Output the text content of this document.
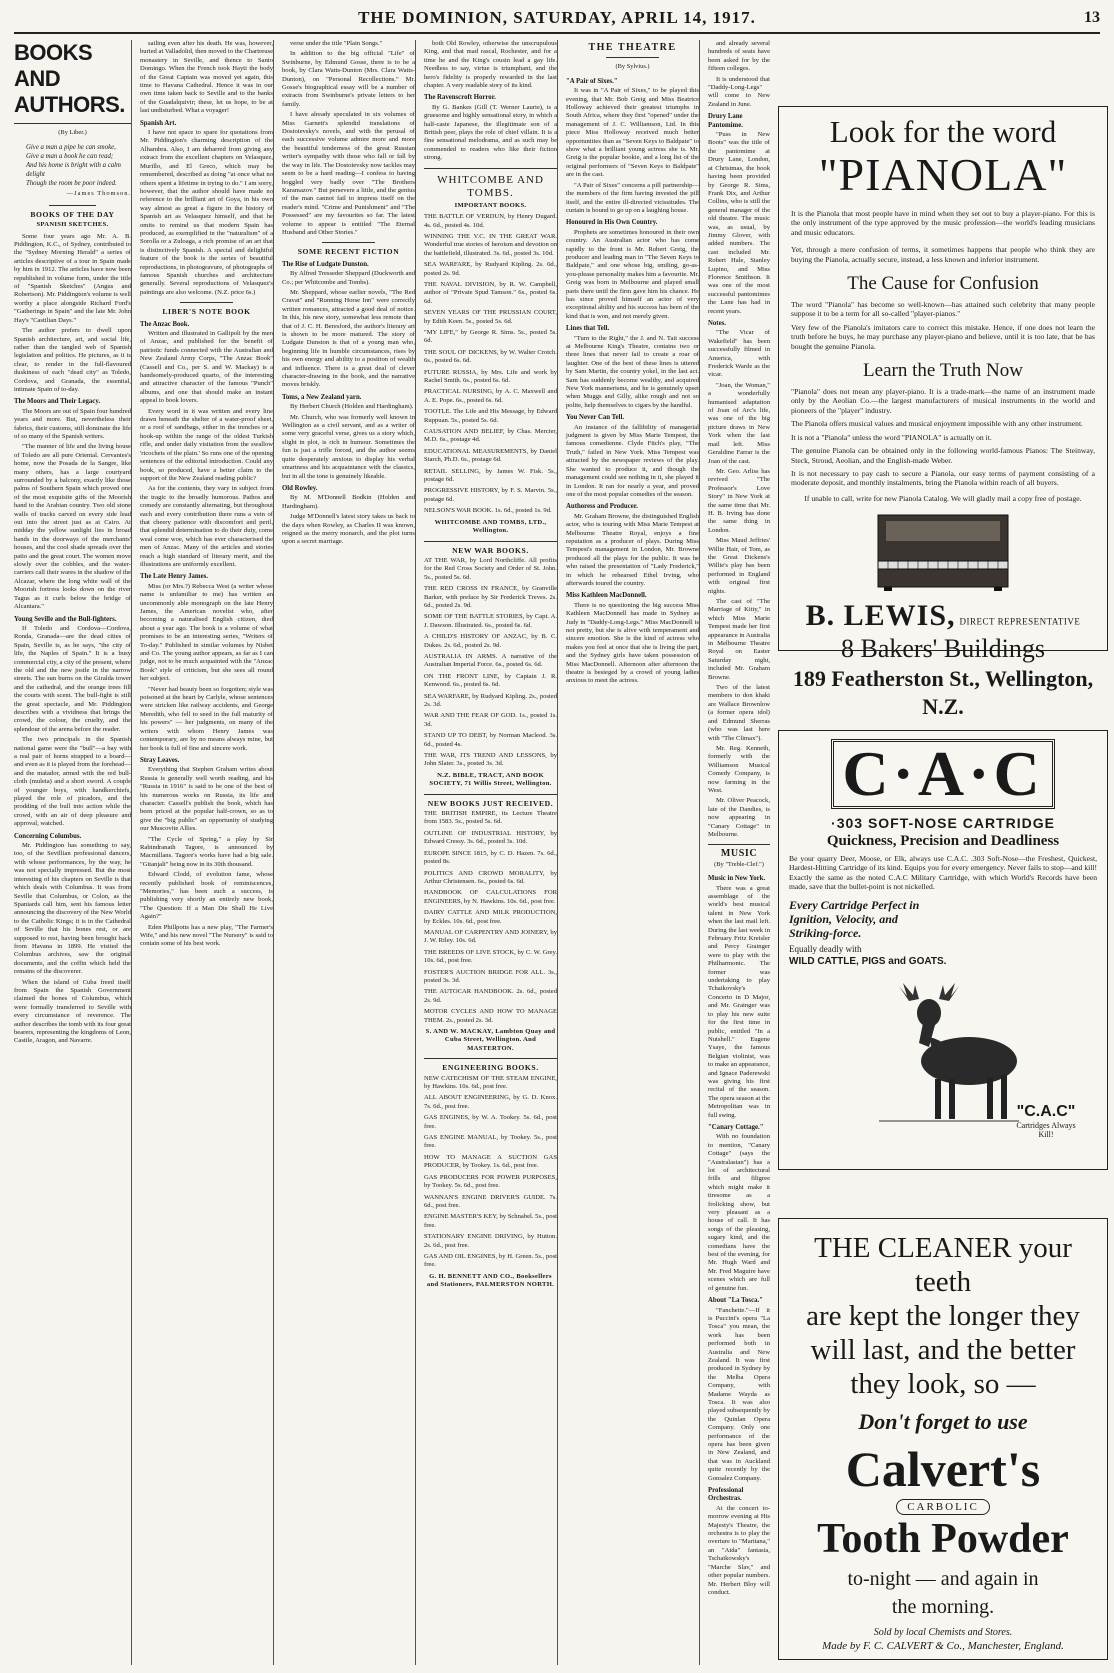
THE DOMINION, SATURDAY, APRIL 14, 1917.	13
BOOKS AND AUTHORS.
(By Liber.)
Give a man a pipe he can smoke,
Give a man a book he can read;
And his home is bright with a calm delight
Though the room be poor indeed.
—James Thomson.
BOOKS OF THE DAY
SPANISH SKETCHES.

Some four years ago Mr. A. B. Piddington, K.C., of Sydney, contributed to the "Sydney Morning Herald" a series of articles descriptive of a tour in Spain made by him in 1912. The articles have now been republished in volume form, under the title of "Spanish Sketches" (Angus and Robertson). Mr. Piddington's volume is well worthy a place alongside Richard Ford's "Gatherings in Spain" and the late Mr. John Hay's "Castilian Days."

The author prefers to dwell upon Spanish architecture, art, and social life, rather than the tangled web of Spanish legislation and politics. He pictures, as it is clear, to render in the full-flavoured duskiness of each "dead city" as Toledo, Cordova, and Granada, the essential, intimate Spain of to-day.

The Moors and Their Legacy.

The Moors are out of Spain four hundred years and more. But, nevertheless their fabrics, their customs, still dominate the life of so many of the Spanish writers.

"The manner of life and the living house of Toledo are all pure Oriental. Cervantes's home, now the Posada de la Sangre, like many others, has a large courtyard surrounded by a balcony, exactly like those palms of Southern Spain which proved one of the most exquisite gifts of the Moorish hand to the Arabian country. Two old stone walls of tracks carved on every side lead out into the street just as at Cairo. At midday the yellow sunlight lies in broad bands in the doorways of the merchants' houses, and the cool shade spreads over the patio and the great court. The women move slowly over the cobbles, and the water-carriers call their wares in the shadow of the Alcazar, where the long white wall of the Moorish fortress looks down on the river Tagus as it curls below the bridge of Alcantara."

Young Seville and the Bull-fighters.

If Toledo and Cordova—Cordova, Ronda, Granada—are the dead cities of Spain, Seville is, as he says, "the city of life, the Naples of Spain." It is a busy commercial city, a city of the present, where the old and the new jostle in the narrow streets. The sun burns on the Giralda tower and the cathedral, and the orange trees fill the courts with scent. The bull-fight is still the great spectacle, and Mr. Piddington describes with a vividness that brings the crowd, the colour, the cruelty, and the splendour of the arena before the reader.

The two principals in the Spanish national game were the "bull"—a bay with a real pair of horns strapped to a board—and even as it is played from the forehead—and the matador, armed with the red bull-cloth (muleta) and a short sword. A couple of younger boys, with handkerchiefs, played the role of picadors, and the prodding of the bull into action while the crowd, with an air of deep pleasure and approval, watched.

Concerning Columbus.

Mr. Piddington has something to say, too, of the Sevillian professional dancers, with whose performances, by the way, he was not specially impressed. But the most interesting of his chapters on Seville is that which deals with Columbus. It was from Seville that Columbus, or Colon, as the Spaniards call him, sent his famous letter announcing the discovery of the New World to the Catholic Kings; it is in the Cathedral of Seville that his bones rest, or are supposed to rest, having been brought back from Havana in 1899. He visited the Columbus archives, saw the original documents, and the coffin which held the remains of the discoverer.

When the island of Cuba freed itself from Spain the Spanish Government claimed the bones of Columbus, which were formally transferred to Seville with every circumstance of reverence. The author describes the tomb with its four great bearers, representing the kingdoms of Leon, Castile, Aragon, and Navarre.

sailing even after his death. He was, however, buried at Valladolid, then moved to the Chartreuse monastery in Seville, and thence to Santo Domingo. When the French took Hayti the body of the Great Captain was moved yet again, this time to Havana Cathedral. Hence it was in our own time taken back to Seville and to the banks of the Guadalquivir; these, let us hope, to be at last undisturbed. What a voyager!

Spanish Art.

I have not space to spare for quotations from Mr. Piddington's charming description of the Alhambra. Also, I am debarred from giving any extract from the excellent chapters on Velasquez, Murillo, and El Greco, which may be remembered, described as doing "at once what no others spent a lifetime in trying to do." I am sorry, however, that the author should have made no reference to the brilliant art of Goya, in his own way almost as great a figure in the history of Spanish art as Velasquez himself, and that he omits to remind us that modern Spain has produced, as exemplified in the "naturalism" of a Sorolla or a Zuloaga, a rich promise of an art that is distinctively Spanish. A special and delightful feature of the book is the series of beautiful reproductions, in photogravure, of photographs of famous Spanish churches and architecture generally. Several reproductions of Velasquez's paintings are also welcome. (N.Z. price 6s.)

LIBER'S NOTE BOOK
The Anzac Book.

Written and illustrated in Gallipoli by the men of Anzac, and published for the benefit of patriotic funds connected with the Australian and New Zealand Army Corps, "The Anzac Book" (Cassell and Co., per S. and W. Mackay) is a handsomely-produced quarto, of the interesting and attractive character of the famous "Punch" albums, and one that should make an instant appeal to book lovers.

Every word in it was written and every line drawn beneath the shelter of a water-proof sheet, or a roof of sandbags, either in the trenches or a hook-up within the range of the oldest Turkish rifle, and under daily visitation from the swallow 'ricochets of the plain.' So runs one of the opening sentences of the editorial introduction. Could any book, so produced, have a better claim to the support of the New Zealand reading public?

As for the contents, they vary in subject from the tragic to the broadly humorous. Pathos and comedy are constantly alternating, but throughout each and every contribution there runs a vein of that cheery patience with discomfort and peril, that splendid determination to do their duty, come weal come woe, which has ever characterised the men of Anzac. Many of the articles and stories reach a high standard of literary merit, and the illustrations are uniformly excellent.

The Late Henry James.

Miss (or Mrs.?) Rebecca West (a writer whose name is unfamiliar to me) has written an uncommonly able monograph on the late Henry James, the American novelist who, after becoming a naturalised English citizen, died about a year ago. The book is a volume of what promises to be an interesting series, "Writers of To-day." Published in similar volumes by Nisbet and Co. The young author appears, as far as I can judge, not to be much acquainted with the "Anzac Book" style of criticism, but she sees all round her subject.

"Never had beauty been so forgotten; style was poisoned at the heart by Carlyle, whose sentences were stricken like railway accidents, and George Meredith, who fell to seed in the full maturity of his powers" — her judgments, on many of the writers with whom Henry James was contemporary, are by no means always mine, but her book is full of fine and sincere work.

Stray Leaves.

Everything that Stephen Graham writes about Russia is generally well worth reading, and his "Russia in 1916" is said to be one of the best of his numerous works on Russia, its life and character. Cassell's publish the book, which has been priced at the popular half-crown, so as to give the "big public" an opportunity of studying our Muscovite Allies.

"The Cycle of Spring," a play by Sir Rabindranath Tagore, is announced by Macmillans. Tagore's works have had a big sale. "Gitanjali" being now in its 30th thousand.

Edward Clodd, of evolution fame, whose recently published book of reminiscences, "Memories," has been such a success, is publishing very shortly an entirely new book, "The Question: If a Man Die Shall He Live Again?"

Eden Phillpotts has a new play, "The Farmer's Wife," and his new novel "The Nursery" is said to contain some of his best work.

verse under the title "Plain Songs."

In addition to the big official "Life" of Swinburne, by Edmund Gosse, there is to be a book, by Clara Watts-Dunton (Mrs. Clara Watts-Dunton), on "Personal Recollections." Mr. Gosse's biographical essay will be a number of extracts from Swinburne's private letters to her family.

I have already speculated in six volumes of Miss Garnett's splendid translations of Dostoievsky's novels, and with the perusal of each successive volume admire more and more the beautiful tenderness of the great Russian writer's sympathy with those who fall or fall by the way in life. The Dostoievsky now tackles may seem to be a hard reading—I confess to having boggled very badly over "The Brothers Karamazov." But persevere a little, and the genius of the man cannot fail to impress itself on the reader's mind. "Crime and Punishment" and "The Possessed" are my favourites so far. The latest volume to appear is entitled "The Eternal Husband and Other Stories."

SOME RECENT FICTION
The Rise of Ludgate Dunston.

By Alfred Tresseder Sheppard (Duckworth and Co.; per Whitcombe and Tombs).

Mr. Sheppard, whose earlier novels, "The Red Cravat" and "Running Horse Inn" were correctly written romances, attracted a good deal of notice. In this, his new story, somewhat less remote than that of J. C. H. Beresford, the author's literary art is shown to be more matured. The story of Ludgate Dunston is that of a young man who, beginning life in humble circumstances, rises by his own energy and ability to a position of wealth and influence. There is a great deal of clever character-drawing in the book, and the narrative moves briskly.

Toms, a New Zealand yarn.

By Herbert Church (Holden and Hardingham).

Mr. Church, who was formerly well known in Wellington as a civil servant, and as a writer of some very graceful verse, gives us a story which, slight in plot, is rich in humour. Sometimes the fun is just a trifle forced, and the author seems quite desperately anxious to display his verbal smartness and his acquaintance with the classics, but in all the tone is genuinely likeable.

Old Rowley.

By M. M'Donnell Bodkin (Holden and Hardingham).

Judge M'Donnell's latest story takes us back to the days when Rowley, as Charles II was known, reigned as the merry monarch, and the plot turns upon a secret marriage.

both Old Rowley, otherwise the unscrupulous King, and that mad rascal, Rochester, and for a time he and the King's cousin lead a gay life. Needless to say, virtue is triumphant, and the hero's fidelity is properly rewarded in the last chapter. A very readable story of its kind.

The Ravenscroft Horror.

By G. Bankes (Gill (T. Werner Laurie), is a gruesome and highly sensational story, in which a half-caste Japanese, the illegitimate son of a British peer, plays the role of chief villain. It is a fine sensational melodrama, and as such may be commended to readers who like their fiction strong.

WHITCOMBE AND TOMBS.
IMPORTANT BOOKS.

THE BATTLE OF VERDUN, by Henry Dugard. 4s. 6d., posted 4s. 10d.

WINNING THE V.C. IN THE GREAT WAR. Wonderful true stories of heroism and devotion on the battlefield, illustrated. 3s. 6d., posted 3s. 10d.

SEA WARFARE, by Rudyard Kipling. 2s. 6d., posted 2s. 9d.

THE NAVAL DIVISION, by R. W. Campbell, author of "Private Spud Tamson." 6s., posted 6s. 6d.

SEVEN YEARS OF THE PRUSSIAN COURT, by Edith Keen. 5s., posted 5s. 6d.

"MY LIFE," by George R. Sims. 5s., posted 5s. 6d.

THE SOUL OF DICKENS, by W. Walter Crotch. 6s., posted 6s. 6d.

FUTURE RUSSIA, by Mrs. Life and work by Rachel Smith. 6s., posted 6s. 6d.

PRACTICAL NURSING, by A. C. Maxwell and A. E. Pope. 6s., posted 6s. 6d.

TOOTLE. The Life and His Message, by Edward Ruppuan. 5s., posted 5s. 6d.

CAUSATION AND BELIEF, by Chas. Mercier, M.D. 6s., postage 4d.

EDUCATIONAL MEASUREMENTS, by Daniel Starch, Ph.D. 6s., postage 6d.

RETAIL SELLING, by James W. Fisk. 5s., postage 6d.

PROGRESSIVE HISTORY, by F. S. Marvin. 5s., postage 6d.

NELSON'S WAR BOOK. 1s. 6d., posted 1s. 9d.

WHITCOMBE AND TOMBS, LTD., Wellington.
NEW WAR BOOKS.

AT THE WAR, by Lord Northcliffe. All profits for the Red Cross Society and Order of St. John. 5s., posted 5s. 6d.

THE RED CROSS IN FRANCE, by Granville Barker, with preface by Sir Frederick Treves. 2s. 6d., posted 2s. 9d.

SOME OF THE BATTLE STORIES, by Capt. A. J. Dawson. Illustrated. 6s., posted 6s. 6d.

A CHILD'S HISTORY OF ANZAC, by B. C. Dukes. 2s. 6d., posted 2s. 9d.

AUSTRALIA IN ARMS. A narrative of the Australian Imperial Force. 6s., posted 6s. 6d.

ON THE FRONT LINE, by Captain J. R. Kenwood. 6s., posted 6s. 6d.

SEA WARFARE, by Rudyard Kipling. 2s., posted 2s. 3d.

WAR AND THE FEAR OF GOD. 1s., posted 1s. 3d.

STAND UP TO DEBT, by Norman Macleod. 3s. 6d., posted 4s.

THE WAR, ITS TREND AND LESSONS, by John Slater. 3s., posted 3s. 3d.

N.Z. BIBLE, TRACT, AND BOOK SOCIETY, 71 Willis Street, Wellington.
NEW BOOKS JUST RECEIVED.

THE BRITISH EMPIRE, its Lecture Theatre from 1583. 5s., posted 5s. 6d.

OUTLINE OF INDUSTRIAL HISTORY, by Edward Cressy. 3s. 6d., posted 3s. 10d.

EUROPE SINCE 1815, by C. D. Hazen. 7s. 6d., posted 8s.

POLITICS AND CROWD MORALITY, by Arthur Christensen. 6s., posted 6s. 6d.

HANDBOOK OF CALCULATIONS FOR ENGINEERS, by N. Hawkins. 10s. 6d., post free.

DAIRY CATTLE AND MILK PRODUCTION, by Eckles. 10s. 6d., post free.

MANUAL OF CARPENTRY AND JOINERY, by J. W. Riley. 10s. 6d.

THE BREEDS OF LIVE STOCK, by C. W. Grey. 10s. 6d., post free.

FOSTER'S AUCTION BRIDGE FOR ALL. 3s., posted 3s. 3d.

THE AUTOCAR HANDBOOK. 2s. 6d., posted 2s. 9d.

MOTOR CYCLES AND HOW TO MANAGE THEM. 2s., posted 2s. 3d.

S. AND W. MACKAY, Lambton Quay and Cuba Street, Wellington. And MASTERTON.
ENGINEERING BOOKS.

NEW CATECHISM OF THE STEAM ENGINE, by Hawkins. 10s. 6d., post free.

ALL ABOUT ENGINEERING, by G. D. Knox. 7s. 6d., post free.

GAS ENGINES, by W. A. Tookey. 5s. 6d., post free.

GAS ENGINE MANUAL, by Tookey. 5s., post free.

HOW TO MANAGE A SUCTION GAS PRODUCER, by Tookey. 1s. 6d., post free.

GAS PRODUCERS FOR POWER PURPOSES, by Tookey. 5s. 6d., post free.

WANNAN'S ENGINE DRIVER'S GUIDE. 7s. 6d., post free.

ENGINE MASTER'S KEY, by Schnabel. 5s., post free.

STATIONARY ENGINE DRIVING, by Hutton. 2s. 6d., post free.

GAS AND OIL ENGINES, by H. Green. 5s., post free.

G. H. BENNETT AND CO., Booksellers and Stationers, PALMERSTON NORTH.
THE THEATRE
(By Sylvius.)
"A Pair of Sixes."

It was in "A Pair of Sixes," to be played this evening, that Mr. Bob Greig and Miss Beatrice Holloway achieved their greatest triumphs in South Africa, where they first "opened" under the management of J. C. Williamson, Ltd. In this piece Miss Holloway received much better opportunities than as "Seven Keys to Baldpate" to show what a brilliant young actress she is. Mr. Greig is the popular bookie, and a long list of the original performers of "Seven Keys to Baldpate" are in the cast.

"A Pair of Sixes" concerns a pill partnership—the members of the firm having invested the pill itself, and the entire ill-directed vicissitudes. The curtain is bound to go up on a laughing house.

Honoured in His Own Country.

Prophets are sometimes honoured in their own country. An Australian actor who has come rapidly to the front is Mr. Robert Greig, the producer and leading man in "The Seven Keys to Baldpate," and one whose big, smiling, go-as-you-please personality makes him a favourite. Mr. Greig was born in Melbourne and played small parts there until the firm gave him his chance. He has since proved himself an actor of very exceptional ability and his success has been of the kind that is won, and not merely given.

Lines that Tell.

"Turn to the Right," the J. and N. Tait success at Melbourne King's Theatre, contains two or three lines that never fail to create a roar of laughter. One of the best of these lines is uttered by Sam Martin, the country yokel, in the last act. Sam has suddenly become wealthy, and acquired New York mannerisms, and he is genuinely upset when Muggs and Gilly, alike rough and not so polite, help themselves to cigars by the handful.

You Never Can Tell.

An instance of the fallibility of managerial judgment is given by Miss Marie Tempest, the famous comedienne. Clyde Fitch's play, "The Truth," failed in New York. Miss Tempest was attracted by the newspaper reviews of the play. She wanted to produce it, and though the management could see nothing in it, she played it in London. It ran for nearly a year, and proved one of the most popular comedies of the season.

Authoress and Producer.

Mr. Graham Browne, the distinguished English actor, who is touring with Miss Marie Tempest at Melbourne Theatre Royal, enjoys a fine reputation as a producer of plays. During Miss Tempest's management in London, Mr. Browne produced all the plays for the public. It was he who raised the presentation of "Lady Frederick," in which he rehearsed Ethel Irving, who afterwards toured the country.

Miss Kathleen MacDonnell.

There is no questioning the big success Miss Kathleen MacDonnell has made in Sydney as Judy in "Daddy-Long-Legs." Miss MacDonnell is not pretty, but she is alive with temperament and sincere emotion. She is the kind of actress who makes you feel at once that she is living the part, and the Sydney girls have taken possession of Miss MacDonnell. Afternoon after afternoon the theatre is besieged by a crowd of young ladies anxious to meet the actress.

and already several hundreds of seats have been asked for by the fifteen colleges.

It is understood that "Daddy-Long-Legs" will come to New Zealand in June.

Drury Lane Pantomime.

"Puss in New Boots" was the title of the pantomime at Drury Lane, London, at Christmas, the book having been provided by George R. Sims, Frank Dix, and Arthur Collins, who is still the general manager of the old theatre. The music was, as usual, by Jimmy Glover, with added numbers. The cast included Mr. Robert Hale, Stanley Lupino, and Miss Florence Smithson. It was one of the most successful pantomimes the Lane has had in recent years.

Notes.

"The Vicar of Wakefield" has been successfully filmed in America, with Frederick Warde as the vicar.

"Joan, the Woman," a wonderfully humanised adaptation of Joan of Arc's life, was one of the big picture draws in New York when the last mail left. Miss Geraldine Farrar is the Joan of the cast.

Mr. Geo. Arliss has revived "The Professor's Love Story" in New York at the same time that Mr. H. B. Irving has done the same thing in London.

Miss Maud Jeffries' Willie Hair, of Tom, as the Great Dickens's Willie's play has been performed in England with original first nights.

The cast of "The Marriage of Kitty," in which Miss Marie Tempest made her first appearance in Australia in Melbourne Theatre Royal on Easter Saturday night, included Mr. Graham Browne.

Two of the latest members to don khaki are Wallace Brownlow (a former opera idol) and Edmund Sherras (who was last here with "The Climax").

Mr. Reg. Kenneth, formerly with the Williamson Musical Comedy Company, is now farming in the West.

Mr. Oliver Peacock, late of the Dandies, is now appearing in "Canary Cottage" in Melbourne.

MUSIC
(By "Treble-Clef.")
Music in New York.

There was a great assemblage of the world's best musical talent in New York when the last mail left. During the last week in February Fritz Kreisler and Percy Grainger were to play with the Philharmonic. The former was undertaking to play Tchaikovsky's Concerto in D Major, and Mr. Grainger was to play his new suite for the first time in public, entitled "In a Nutshell." Eugene Ysaye, the famous Belgian violinist, was to make an appearance, and Ignace Paderewski was giving his first recital of the season. The opera season at the Metropolitan was in full swing.

"Canary Cottage."

With no foundation to mention, "Canary Cottage" (says the "Australasian") has a lot of architectural frills and filigree which might make it tiresome as a frolicking show, but very pleasant as a house of call. It has songs of the pleasing, sugary kind, and the comedians have the best of the evening, for Mr. Hugh Ward and Mr. Fred Maguire have scenes which are full of genuine fun.

About "La Tosca."

"Fanchette."—If it is Puccini's opera "La Tosca" you mean, the work has been performed both in Australia and New Zealand. It was first produced in Sydney by the Melba Opera Company, with Madame Wayda as Tosca. It was also played subsequently by the Quinlan Opera Company. Only one performance of the opera has been given in New Zealand, and that was in Auckland quite recently by the Gonsalez Company.

Professional Orchestras.

At the concert to-morrow evening at His Majesty's Theatre, the orchestra is to play the overture to "Maritana," an "Aida" fantasia, Tschaikowsky's "Marche Slav," and other popular numbers. Mr. Herbert Bloy will conduct.

Look for the word
"PIANOLA"
It is the Pianola that most people have in mind when they set out to buy a player-piano. For this is the only instrument of the type approved by the music profession—the world's leading musicians and music educators.
Yet, through a mere confusion of terms, it sometimes happens that people who think they are buying the Pianola, actually secure, instead, a less known and inferior instrument.
The Cause for Confusion

The word "Pianola" has become so well-known—has attained such celebrity that many people suppose it to be a term for all so-called "player-pianos."

Very few of the Pianola's imitators care to correct this mistake. Hence, if one does not learn the truth before he buys, he may purchase any player-piano and believe, until it is too late, that he has bought the genuine Pianola.

Learn the Truth Now

"Pianola" does not mean any player-piano. It is a trade-mark—the name of an instrument made only by the Aeolian Co.—the largest manufacturers of musical instruments in the world and pioneers of the "player" industry.

The Pianola offers musical values and musical enjoyment impossible with any other instrument.

It is not a "Pianola" unless the word "PIANOLA" is actually on it.

The genuine Pianola can be obtained only in the following world-famous Pianos: The Steinway, Steck, Stroud, Aeolian, and the English-made Weber.

It is not necessary to pay cash to secure a Pianola, our easy terms of payment consisting of a moderate deposit, and monthly instalments, bring the Pianola within reach of all buyers.

If unable to call, write for new Pianola Catalog. We will gladly mail a copy free of postage.
B. LEWIS, DIRECT REPRESENTATIVE
8 Bakers' Buildings
189 Featherston St., Wellington, N.Z.
C·A·C
·303 SOFT-NOSE CARTRIDGE
Quickness, Precision and Deadliness
Be your quarry Deer, Moose, or Elk, always use C.A.C. .303 Soft-Nose—the Freshest, Quickest, Hardest-Hitting Cartridge of its kind. Equips you for every emergency. Never fails to stop—and kill! Exactly the same as the noted C.A.C Military Cartridge, with which World's Records have been made, save that the bullet-point is not nickelled.
Every Cartridge Perfect in Ignition, Velocity, and Striking-force.
Equally deadly with
WILD CATTLE, PIGS and GOATS.
"C.A.C"
Cartridges Always Kill!
THE CLEANER your teeth
are kept the longer they
will last, and the better
they look, so —
Don't forget to use
Calvert's
CARBOLIC
Tooth Powder
to-night — and again in
the morning.
Sold by local Chemists and Stores.
Made by F. C. CALVERT & Co., Manchester, England.
